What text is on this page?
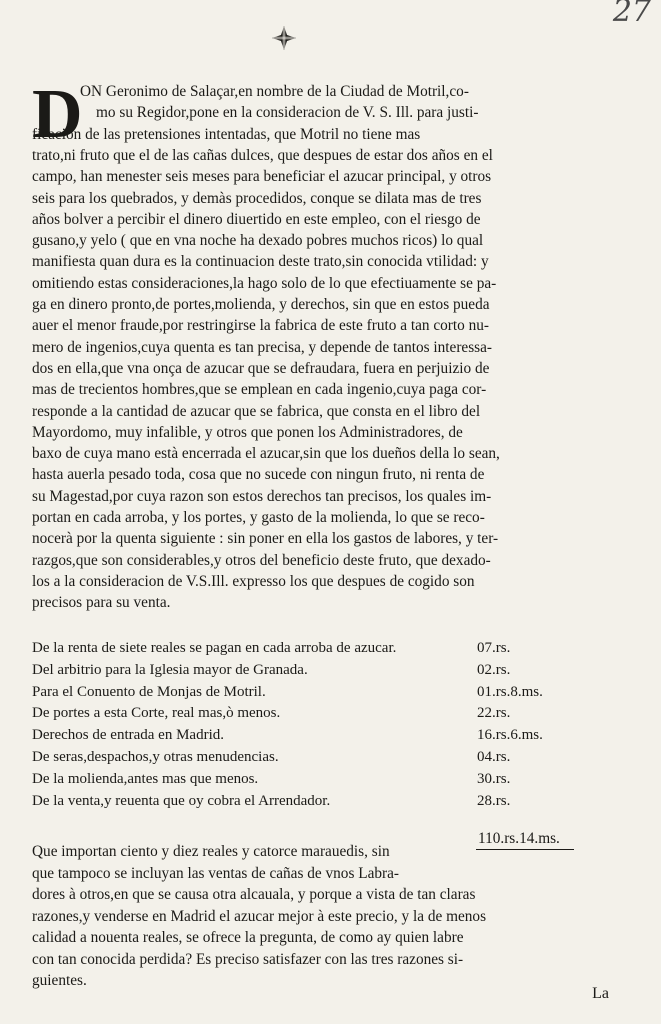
27
D
ON Geronimo de Salaçar,en nombre de la Ciudad de Motril,co-
mo su Regidor,pone en la consideracion de V. S. Ill. para justi-
ficacion de las pretensiones intentadas, que Motril no tiene mas
trato,ni fruto que el de las cañas dulces, que despues de estar dos años en el
campo, han menester seis meses para beneficiar el azucar principal, y otros
seis para los quebrados, y demàs procedidos, conque se dilata mas de tres
años bolver a percibir el dinero diuertido en este empleo, con el riesgo de
gusano,y yelo ( que en vna noche ha dexado pobres muchos ricos) lo qual
manifiesta quan dura es la continuacion deste trato,sin conocida vtilidad: y
omitiendo estas consideraciones,la hago solo de lo que efectiuamente se pa-
ga en dinero pronto,de portes,molienda, y derechos, sin que en estos pueda
auer el menor fraude,por restringirse la fabrica de este fruto a tan corto nu-
mero de ingenios,cuya quenta es tan precisa, y depende de tantos interessa-
dos en ella,que vna onça de azucar que se defraudara, fuera en perjuizio de
mas de trecientos hombres,que se emplean en cada ingenio,cuya paga cor-
responde a la cantidad de azucar que se fabrica, que consta en el libro del
Mayordomo, muy infalible, y otros que ponen los Administradores, de
baxo de cuya mano està encerrada el azucar,sin que los dueños della lo sean,
hasta auerla pesado toda, cosa que no sucede con ningun fruto, ni renta de
su Magestad,por cuya razon son estos derechos tan precisos, los quales im-
portan en cada arroba, y los portes, y gasto de la molienda, lo que se reco-
nocerà por la quenta siguiente : sin poner en ella los gastos de labores, y ter-
razgos,que son considerables,y otros del beneficio deste fruto, que dexado-
los a la consideracion de V.S.Ill. expresso los que despues de cogido son
precisos para su venta.
De la renta de siete reales se pagan en cada arroba de azucar.	07.rs.
Del arbitrio para la Iglesia mayor de Granada.	02.rs.
Para el Conuento de Monjas de Motril.	01.rs.8.ms.
De portes a esta Corte, real mas,ò menos.	22.rs.
Derechos de entrada en Madrid.	16.rs.6.ms.
De seras,despachos,y otras menudencias.	04.rs.
De la molienda,antes mas que menos.	30.rs.
De la venta,y reuenta que oy cobra el Arrendador.	28.rs.
Que importan ciento y diez reales y catorce marauedis, sin
que tampoco se incluyan las ventas de cañas de vnos Labra-
dores à otros,en que se causa otra alcauala, y porque a vista de tan claras
razones,y venderse en Madrid el azucar mejor à este precio, y la de menos
calidad a nouenta reales, se ofrece la pregunta, de como ay quien labre
con tan conocida perdida? Es preciso satisfazer con las tres razones si-
guientes.
110.rs.14.ms.
La
